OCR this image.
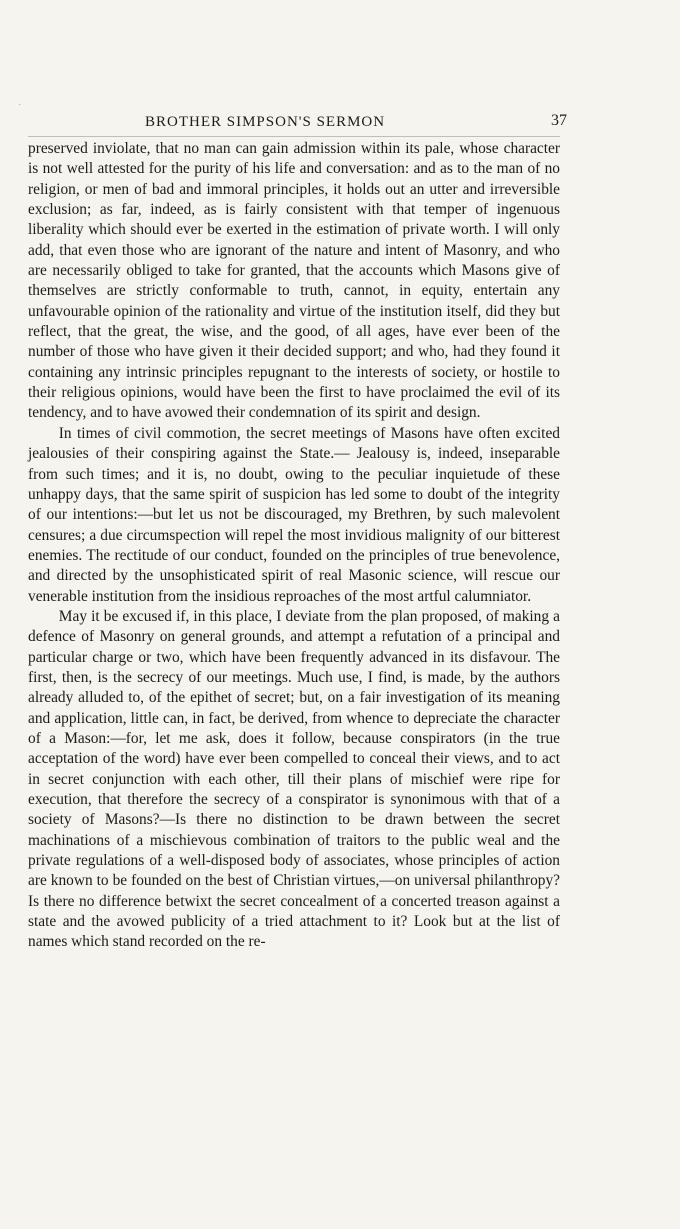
·
BROTHER SIMPSON'S SERMON	37

preserved inviolate, that no man can gain admission within its pale, whose character is not well attested for the purity of his life and conversation: and as to the man of no religion, or men of bad and immoral principles, it holds out an utter and irreversible exclusion; as far, indeed, as is fairly consistent with that temper of ingenuous liberality which should ever be exerted in the estimation of private worth. I will only add, that even those who are ignorant of the nature and intent of Masonry, and who are necessarily obliged to take for granted, that the accounts which Masons give of themselves are strictly conformable to truth, cannot, in equity, entertain any unfavourable opinion of the rationality and virtue of the institution itself, did they but reflect, that the great, the wise, and the good, of all ages, have ever been of the number of those who have given it their decided support; and who, had they found it containing any intrinsic principles repugnant to the interests of society, or hostile to their religious opinions, would have been the first to have proclaimed the evil of its tendency, and to have avowed their condemnation of its spirit and design.

In times of civil commotion, the secret meetings of Masons have often excited jealousies of their conspiring against the State.— Jealousy is, indeed, inseparable from such times; and it is, no doubt, owing to the peculiar inquietude of these unhappy days, that the same spirit of suspicion has led some to doubt of the integrity of our intentions:—but let us not be discouraged, my Brethren, by such malevolent censures; a due circumspection will repel the most invidious malignity of our bitterest enemies. The rectitude of our conduct, founded on the principles of true benevolence, and directed by the unsophisticated spirit of real Masonic science, will rescue our venerable institution from the insidious reproaches of the most artful calumniator.

May it be excused if, in this place, I deviate from the plan proposed, of making a defence of Masonry on general grounds, and attempt a refutation of a principal and particular charge or two, which have been frequently advanced in its disfavour. The first, then, is the secrecy of our meetings. Much use, I find, is made, by the authors already alluded to, of the epithet of secret; but, on a fair investigation of its meaning and application, little can, in fact, be derived, from whence to depreciate the character of a Mason:—for, let me ask, does it follow, because conspirators (in the true acceptation of the word) have ever been compelled to conceal their views, and to act in secret conjunction with each other, till their plans of mischief were ripe for execution, that therefore the secrecy of a conspirator is synonimous with that of a society of Masons?—Is there no distinction to be drawn between the secret machinations of a mischievous combination of traitors to the public weal and the private regulations of a well-disposed body of associates, whose principles of action are known to be founded on the best of Christian virtues,—on universal philanthropy? Is there no difference betwixt the secret concealment of a concerted treason against a state and the avowed publicity of a tried attachment to it? Look but at the list of names which stand recorded on the re-
